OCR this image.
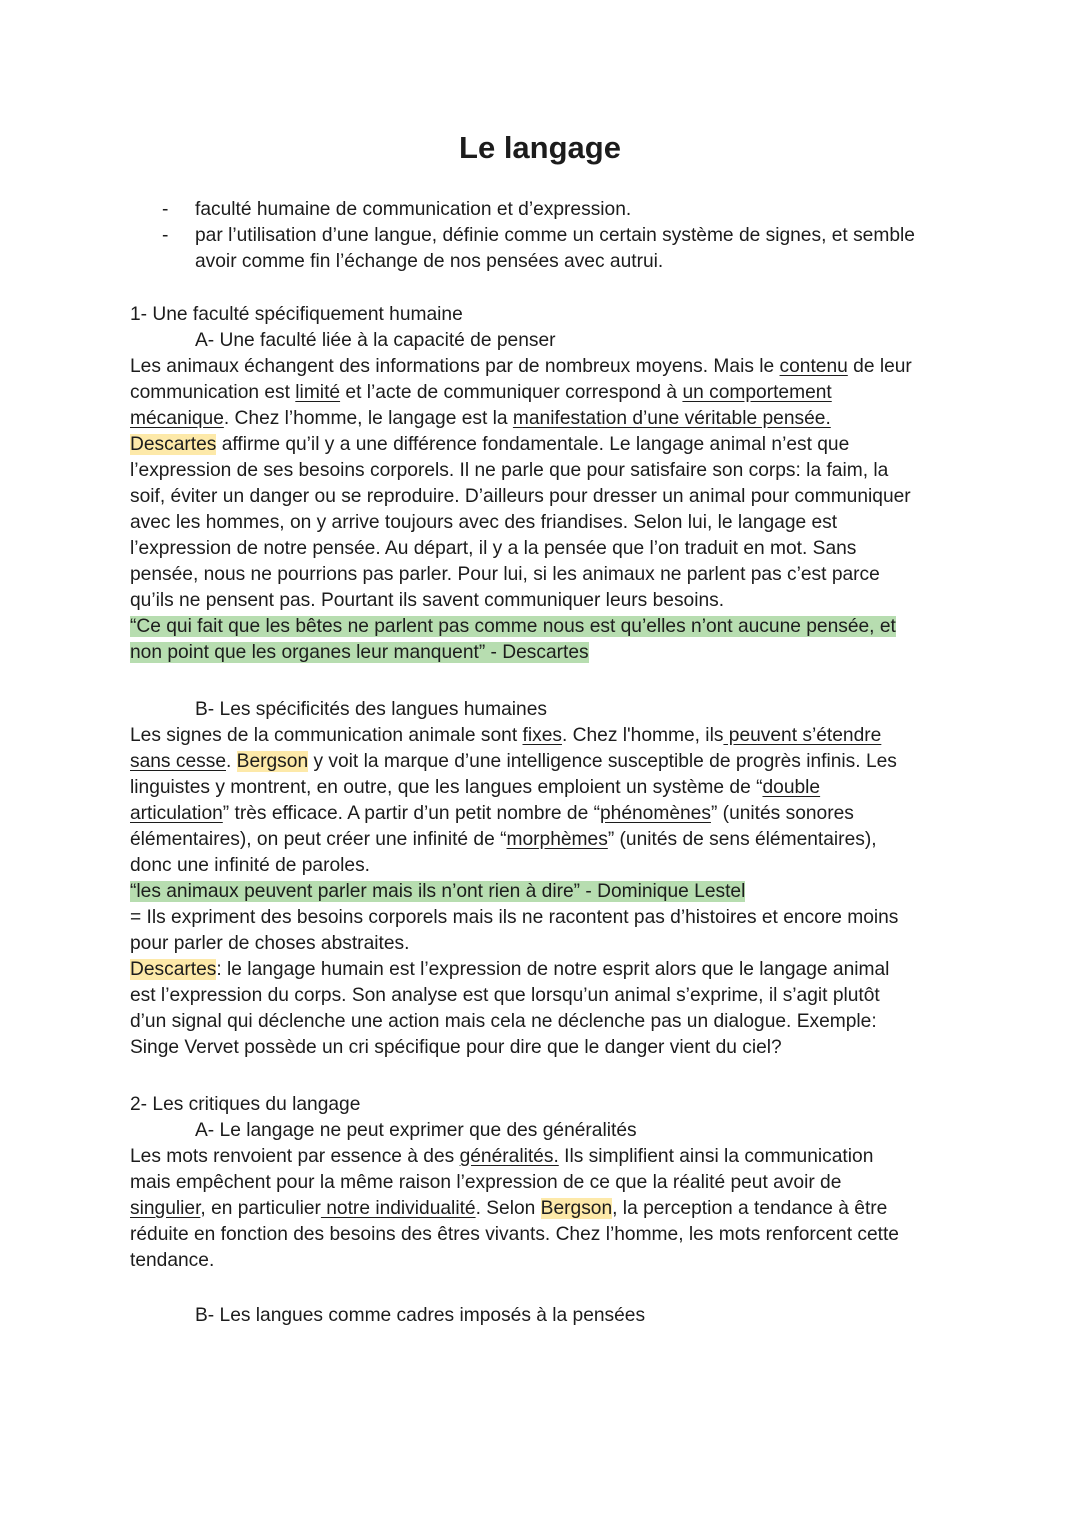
Le langage
- faculté humaine de communication et d’expression.
- par l’utilisation d’une langue, définie comme un certain système de signes, et semble
avoir comme fin l’échange de nos pensées avec autrui.
1- Une faculté spécifiquement humaine
A- Une faculté liée à la capacité de penser
Les animaux échangent des informations par de nombreux moyens. Mais le contenu de leur
communication est limité et l’acte de communiquer correspond à un comportement
mécanique. Chez l’homme, le langage est la manifestation d’une véritable pensée.
Descartes affirme qu’il y a une différence fondamentale. Le langage animal n’est que
l’expression de ses besoins corporels. Il ne parle que pour satisfaire son corps: la faim, la
soif, éviter un danger ou se reproduire. D’ailleurs pour dresser un animal pour communiquer
avec les hommes, on y arrive toujours avec des friandises. Selon lui, le langage est
l’expression de notre pensée. Au départ, il y a la pensée que l’on traduit en mot. Sans
pensée, nous ne pourrions pas parler. Pour lui, si les animaux ne parlent pas c’est parce
qu’ils ne pensent pas. Pourtant ils savent communiquer leurs besoins.
“Ce qui fait que les bêtes ne parlent pas comme nous est qu’elles n’ont aucune pensée, et
non point que les organes leur manquent” - Descartes
B- Les spécificités des langues humaines
Les signes de la communication animale sont fixes. Chez l'homme, ils peuvent s’étendre
sans cesse. Bergson y voit la marque d’une intelligence susceptible de progrès infinis. Les
linguistes y montrent, en outre, que les langues emploient un système de “double
articulation” très efficace. A partir d’un petit nombre de “phénomènes” (unités sonores
élémentaires), on peut créer une infinité de “morphèmes” (unités de sens élémentaires),
donc une infinité de paroles.
“les animaux peuvent parler mais ils n’ont rien à dire” - Dominique Lestel
= Ils expriment des besoins corporels mais ils ne racontent pas d’histoires et encore moins
pour parler de choses abstraites.
Descartes: le langage humain est l’expression de notre esprit alors que le langage animal
est l’expression du corps. Son analyse est que lorsqu’un animal s’exprime, il s’agit plutôt
d’un signal qui déclenche une action mais cela ne déclenche pas un dialogue. Exemple:
Singe Vervet possède un cri spécifique pour dire que le danger vient du ciel?
2- Les critiques du langage
A- Le langage ne peut exprimer que des généralités
Les mots renvoient par essence à des généralités. Ils simplifient ainsi la communication
mais empêchent pour la même raison l’expression de ce que la réalité peut avoir de
singulier, en particulier notre individualité. Selon Bergson, la perception a tendance à être
réduite en fonction des besoins des êtres vivants. Chez l’homme, les mots renforcent cette
tendance.
B- Les langues comme cadres imposés à la pensées
